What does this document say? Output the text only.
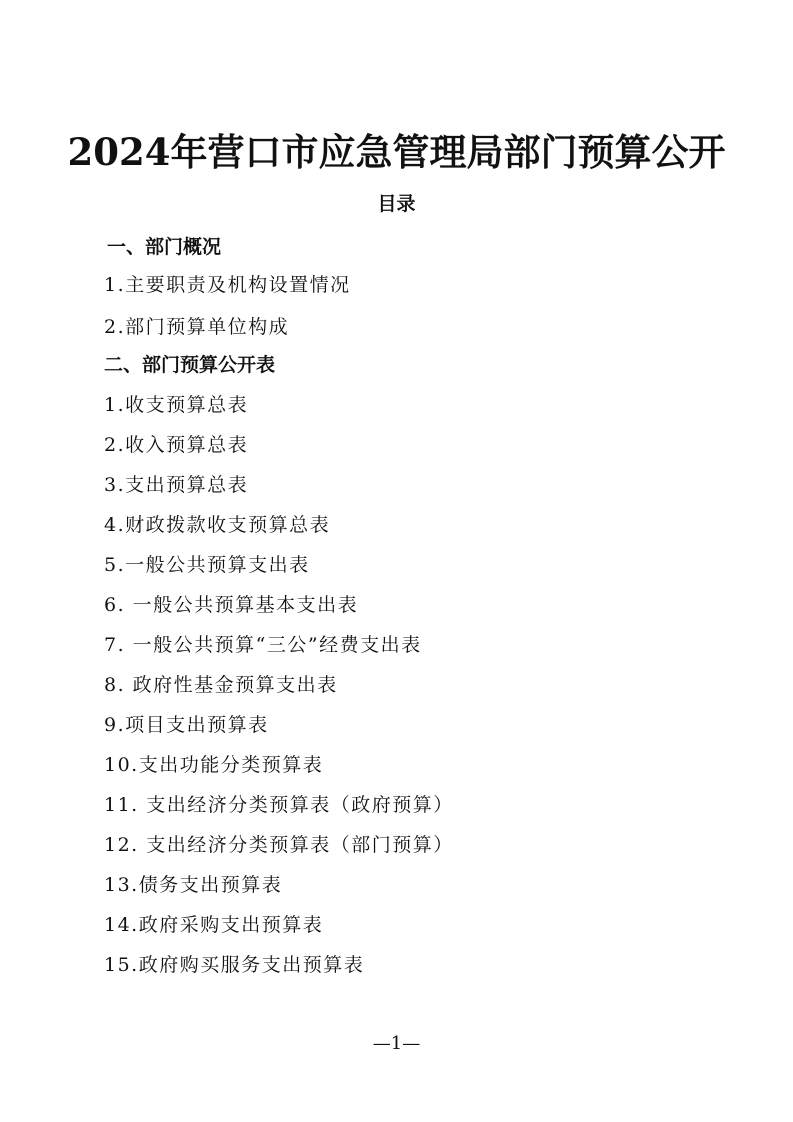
2024年营口市应急管理局部门预算公开
目录
一、部门概况
1.主要职责及机构设置情况
2.部门预算单位构成
二、部门预算公开表
1.收支预算总表
2.收入预算总表
3.支出预算总表
4.财政拨款收支预算总表
5.一般公共预算支出表
6. 一般公共预算基本支出表
7. 一般公共预算“三公”经费支出表
8. 政府性基金预算支出表
9.项目支出预算表
10.支出功能分类预算表
11. 支出经济分类预算表（政府预算）
12. 支出经济分类预算表（部门预算）
13.债务支出预算表
14.政府采购支出预算表
15.政府购买服务支出预算表
—1—
